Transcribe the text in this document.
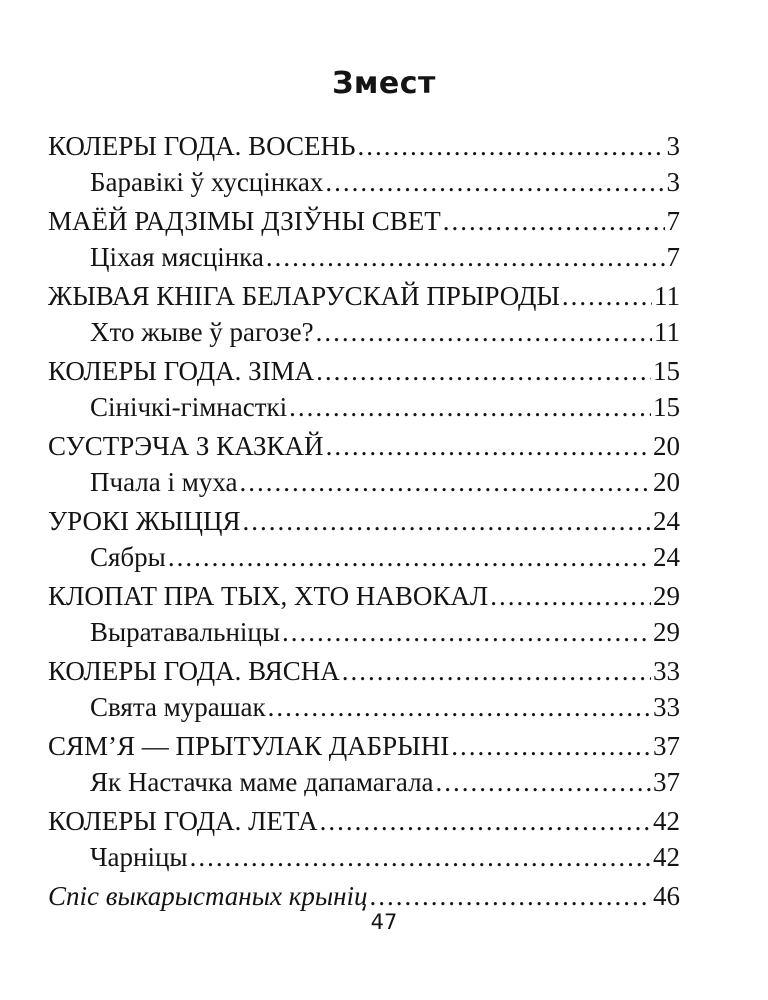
Змест
КОЛЕРЫ ГОДА. ВОСЕНЬ .....	3
Баравікі ў хусцінках .....	3
МАЁЙ РАДЗІМЫ ДЗІЎНЫ СВЕТ .....	7
Ціхая мясцінка .....	7
ЖЫВАЯ КНІГА БЕЛАРУСКАЙ ПРЫРОДЫ .....	11
Хто жыве ў рагозе? .....	11
КОЛЕРЫ ГОДА. ЗІМА .....	15
Сінічкі-гімнасткі .....	15
СУСТРЭЧА З КАЗКАЙ .....	20
Пчала і муха .....	20
УРОКІ ЖЫЦЦЯ .....	24
Сябры .....	24
КЛОПАТ ПРА ТЫХ, ХТО НАВОКАЛ .....	29
Выратавальніцы .....	29
КОЛЕРЫ ГОДА. ВЯСНА .....	33
Свята мурашак .....	33
СЯМ’Я — ПРЫТУЛАК ДАБРЫНІ .....	37
Як Настачка маме дапамагала .....	37
КОЛЕРЫ ГОДА. ЛЕТА .....	42
Чарніцы .....	42
Спіс выкарыстаных крыніц .....	46
47
